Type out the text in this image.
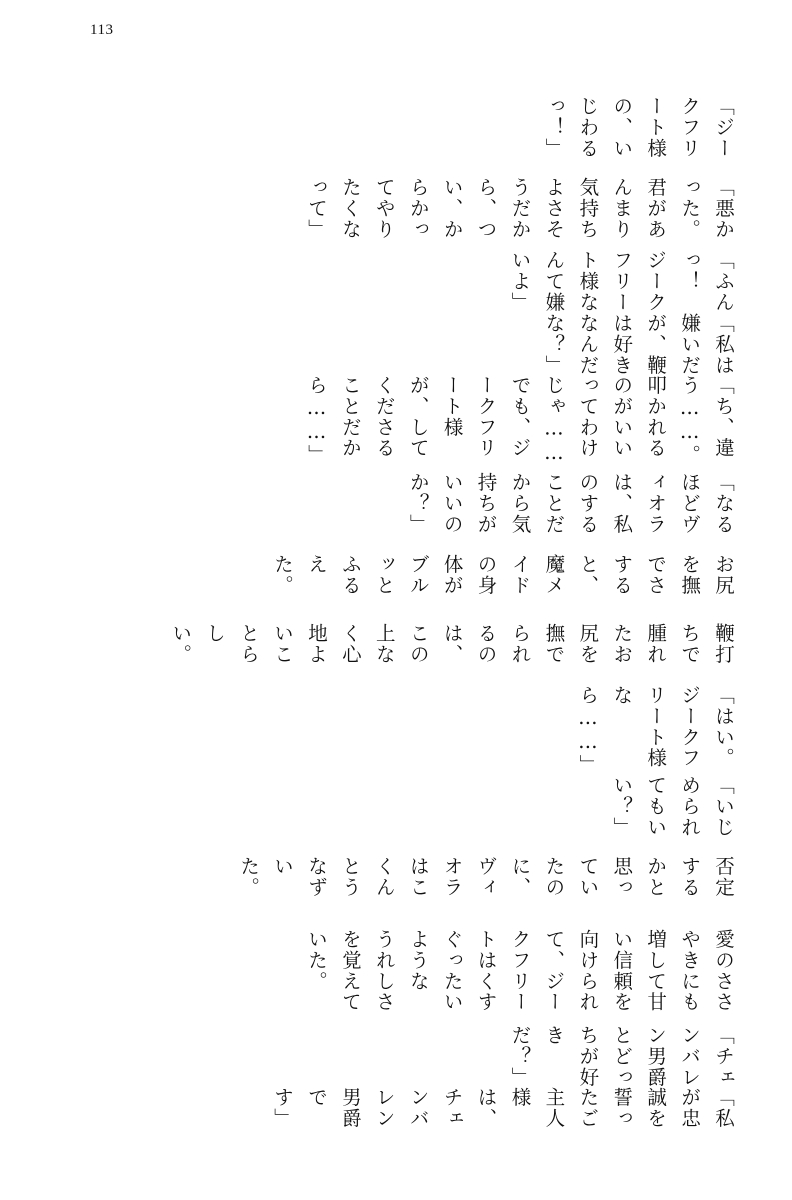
113

「ジークフリート様の、いじわるっ！」

「悪かった。君があんまり気持ちよさそうだから、つい、からかってやりたくなって」

「ふんっ！　ジークフリート様なんて嫌いよ」

「私は嫌いだが、鞭は好きなんだな？」

「ち、違う……。叩かれるのがいいってわけじゃ……でも、ジークフリート様が、してくださることだから……」

「なるほどヴィオラは、私のすることだから気持ちがいいのか？」

お尻を撫でさすると、魔メイドの身体がブルッとふるえた。

鞭打ちで腫れたお尻を撫でられるのは、この上なく心地よいことらしい。

「はい。ジークフリート様なら……」

「いじめられてもいい？」

否定するかと思っていたのに、ヴィオラはこくんとうなずいた。

愛のささやきにも増して甘い信頼を向けられて、ジークフリートはくすぐったいような うれしさを覚えていた。

「チェンバレン男爵とどっちが好きだ？」

「私が忠誠を誓ったご主人様は、チェンバレン男爵です」
